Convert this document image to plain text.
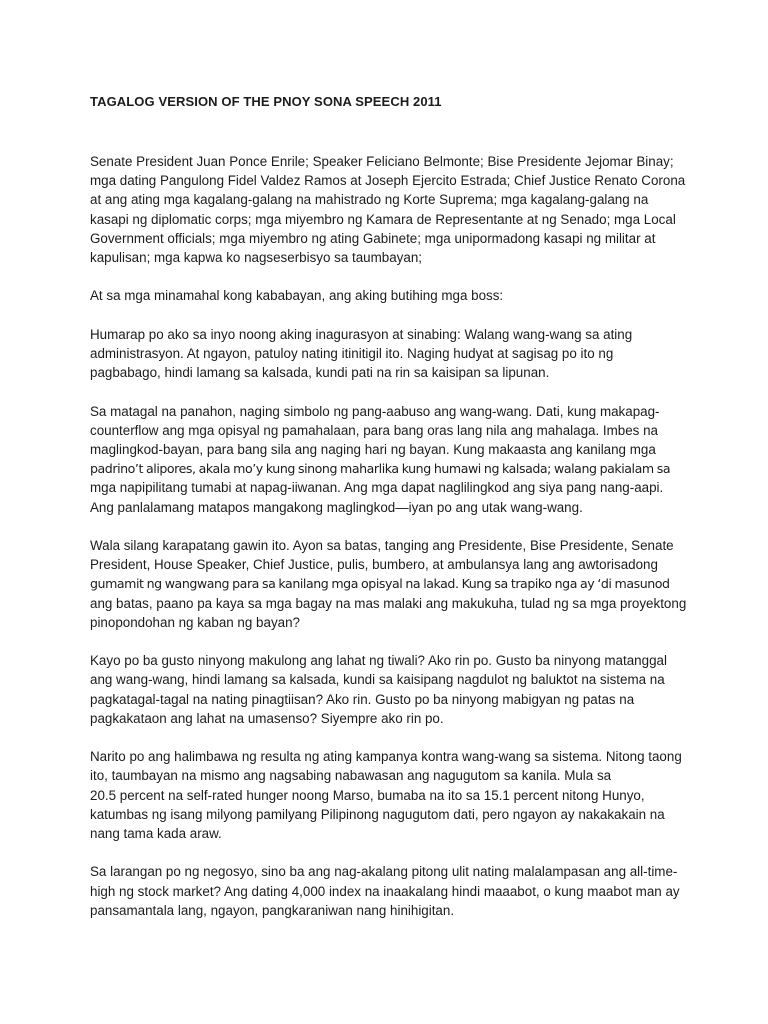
TAGALOG VERSION OF THE PNOY SONA SPEECH 2011
Senate President Juan Ponce Enrile; Speaker Feliciano Belmonte; Bise Presidente Jejomar Binay;
mga dating Pangulong Fidel Valdez Ramos at Joseph Ejercito Estrada; Chief Justice Renato Corona
at ang ating mga kagalang-galang na mahistrado ng Korte Suprema; mga kagalang-galang na
kasapi ng diplomatic corps; mga miyembro ng Kamara de Representante at ng Senado; mga Local
Government officials; mga miyembro ng ating Gabinete; mga unipormadong kasapi ng militar at
kapulisan; mga kapwa ko nagseserbisyo sa taumbayan;
At sa mga minamahal kong kababayan, ang aking butihing mga boss:
Humarap po ako sa inyo noong aking inagurasyon at sinabing: Walang wang-wang sa ating
administrasyon. At ngayon, patuloy nating itinitigil ito. Naging hudyat at sagisag po ito ng
pagbabago, hindi lamang sa kalsada, kundi pati na rin sa kaisipan sa lipunan.
Sa matagal na panahon, naging simbolo ng pang-aabuso ang wang-wang. Dati, kung makapag-
counterflow ang mga opisyal ng pamahalaan, para bang oras lang nila ang mahalaga. Imbes na
maglingkod-bayan, para bang sila ang naging hari ng bayan. Kung makaasta ang kanilang mga
padrino’t alipores, akala mo’y kung sinong maharlika kung humawi ng kalsada; walang pakialam sa
mga napipilitang tumabi at napag-iiwanan. Ang mga dapat naglilingkod ang siya pang nang-aapi.
Ang panlalamang matapos mangakong maglingkod—iyan po ang utak wang-wang.
Wala silang karapatang gawin ito. Ayon sa batas, tanging ang Presidente, Bise Presidente, Senate
President, House Speaker, Chief Justice, pulis, bumbero, at ambulansya lang ang awtorisadong
gumamit ng wangwang para sa kanilang mga opisyal na lakad. Kung sa trapiko nga ay ‘di masunod
ang batas, paano pa kaya sa mga bagay na mas malaki ang makukuha, tulad ng sa mga proyektong
pinopondohan ng kaban ng bayan?
Kayo po ba gusto ninyong makulong ang lahat ng tiwali? Ako rin po. Gusto ba ninyong matanggal
ang wang-wang, hindi lamang sa kalsada, kundi sa kaisipang nagdulot ng baluktot na sistema na
pagkatagal-tagal na nating pinagtiisan? Ako rin. Gusto po ba ninyong mabigyan ng patas na
pagkakataon ang lahat na umasenso? Siyempre ako rin po.
Narito po ang halimbawa ng resulta ng ating kampanya kontra wang-wang sa sistema. Nitong taong
ito, taumbayan na mismo ang nagsabing nabawasan ang nagugutom sa kanila. Mula sa
20.5 percent na self-rated hunger noong Marso, bumaba na ito sa 15.1 percent nitong Hunyo,
katumbas ng isang milyong pamilyang Pilipinong nagugutom dati, pero ngayon ay nakakakain na
nang tama kada araw.
Sa larangan po ng negosyo, sino ba ang nag-akalang pitong ulit nating malalampasan ang all-time-
high ng stock market? Ang dating 4,000 index na inaakalang hindi maaabot, o kung maabot man ay
pansamantala lang, ngayon, pangkaraniwan nang hinihigitan.
